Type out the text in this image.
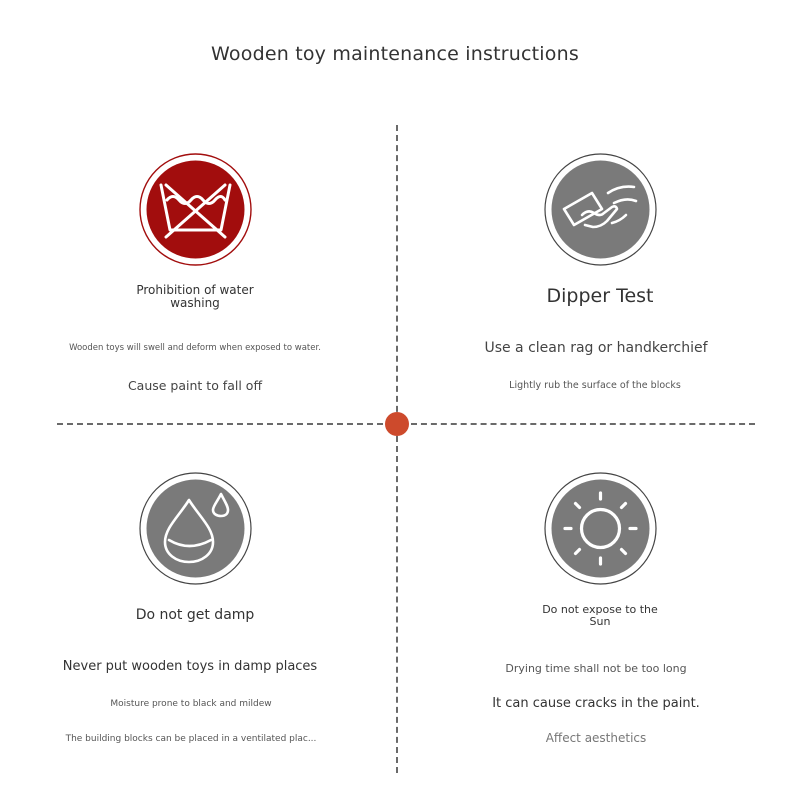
Wooden toy maintenance instructions
Prohibition of water
washing
Wooden toys will swell and deform when exposed to water.
Cause paint to fall off
Dipper Test
Use a clean rag or handkerchief
Lightly rub the surface of the blocks
Do not get damp
Never put wooden toys in damp places
Moisture prone to black and mildew
The building blocks can be placed in a ventilated plac...
Do not expose to the
Sun
Drying time shall not be too long
It can cause cracks in the paint.
Affect aesthetics
